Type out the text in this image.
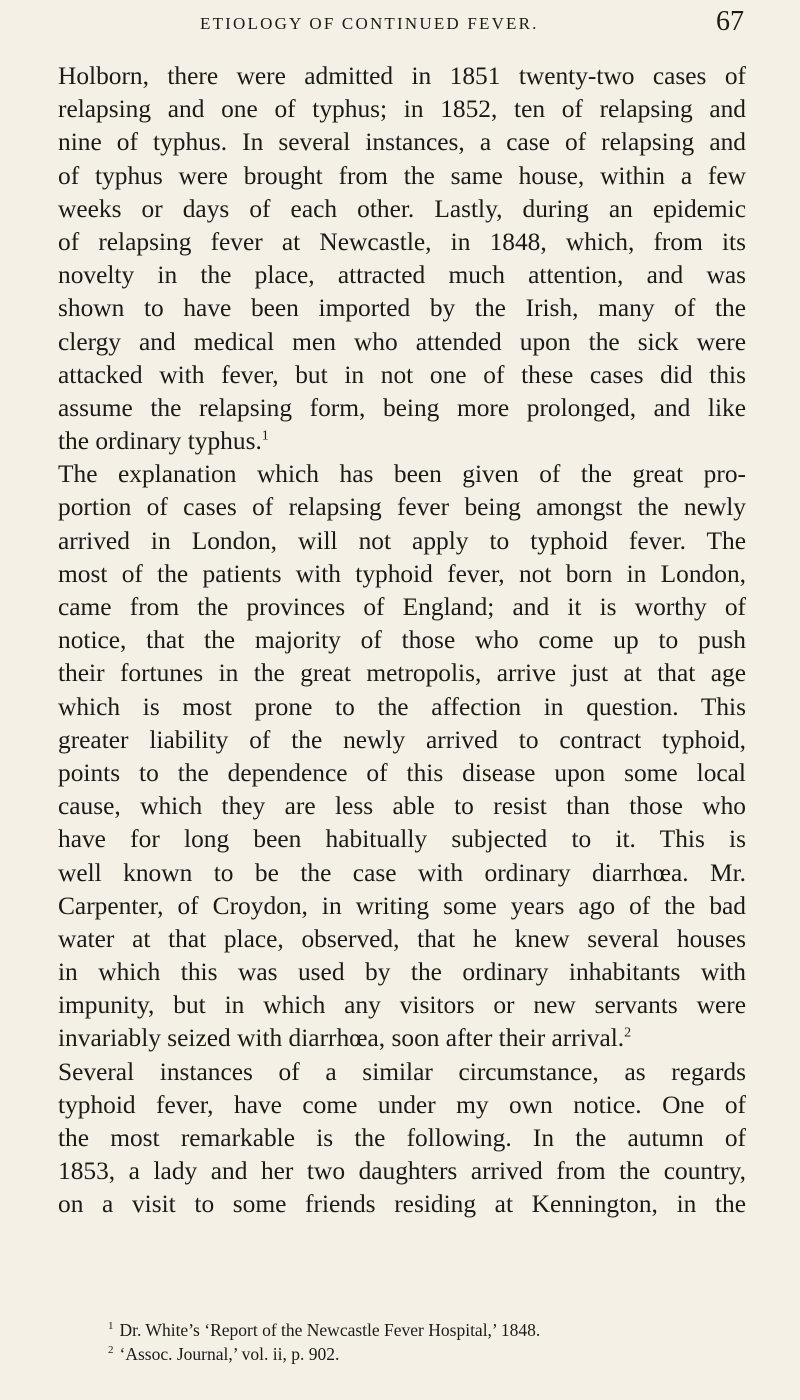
ETIOLOGY OF CONTINUED FEVER.	67
Holborn, there were admitted in 1851 twenty-two cases of
relapsing and one of typhus; in 1852, ten of relapsing and
nine of typhus. In several instances, a case of relapsing and
of typhus were brought from the same house, within a few
weeks or days of each other. Lastly, during an epidemic
of relapsing fever at Newcastle, in 1848, which, from its
novelty in the place, attracted much attention, and was
shown to have been imported by the Irish, many of the
clergy and medical men who attended upon the sick were
attacked with fever, but in not one of these cases did this
assume the relapsing form, being more prolonged, and like
the ordinary typhus.$^1$
The explanation which has been given of the great pro-
portion of cases of relapsing fever being amongst the newly
arrived in London, will not apply to typhoid fever. The
most of the patients with typhoid fever, not born in London,
came from the provinces of England; and it is worthy of
notice, that the majority of those who come up to push
their fortunes in the great metropolis, arrive just at that age
which is most prone to the affection in question. This
greater liability of the newly arrived to contract typhoid,
points to the dependence of this disease upon some local
cause, which they are less able to resist than those who
have for long been habitually subjected to it. This is
well known to be the case with ordinary diarrhœa. Mr.
Carpenter, of Croydon, in writing some years ago of the bad
water at that place, observed, that he knew several houses
in which this was used by the ordinary inhabitants with
impunity, but in which any visitors or new servants were
invariably seized with diarrhœa, soon after their arrival.$^2$
Several instances of a similar circumstance, as regards
typhoid fever, have come under my own notice. One of
the most remarkable is the following. In the autumn of
1853, a lady and her two daughters arrived from the country,
on a visit to some friends residing at Kennington, in the
$^1$ Dr. White’s ‘Report of the Newcastle Fever Hospital,’ 1848.
$^2$ ‘Assoc. Journal,’ vol. ii, p. 902.
